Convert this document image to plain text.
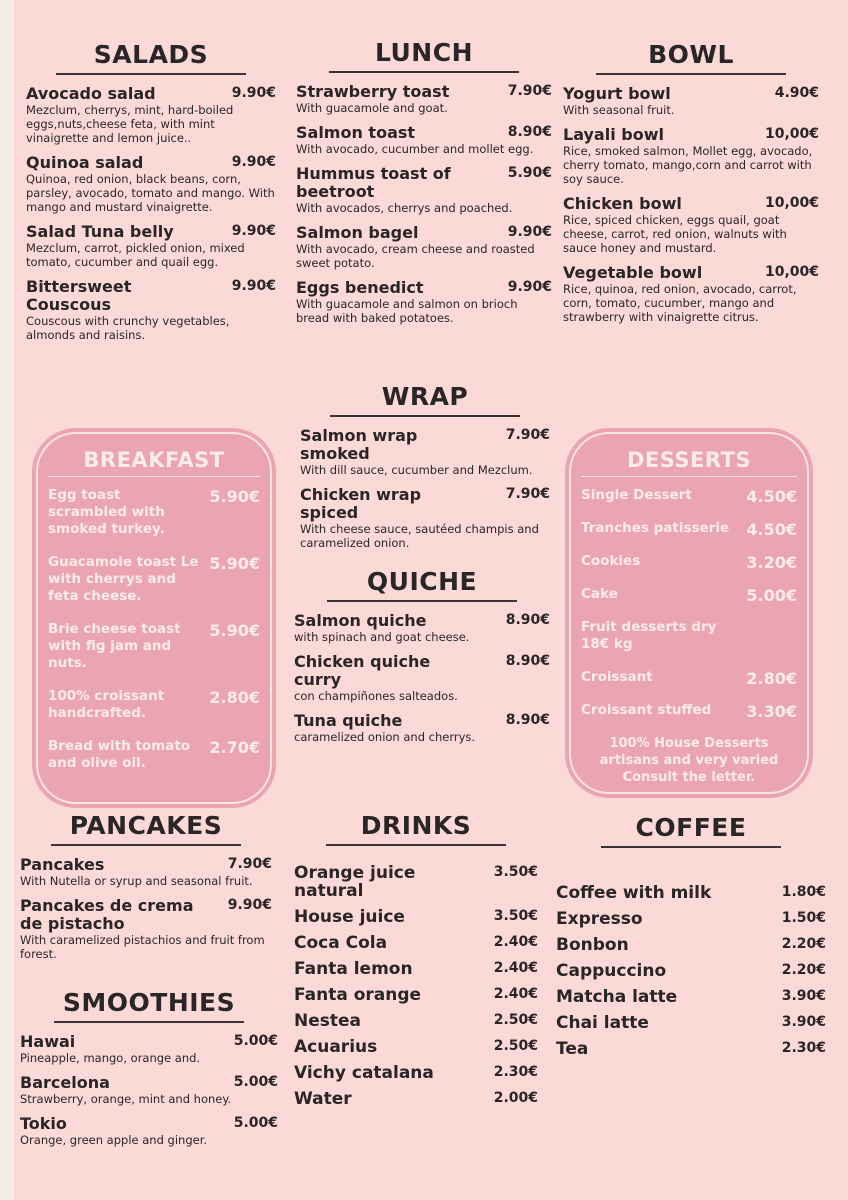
SALADS
Avocado salad	9.90€
Mezclum, cherrys, mint, hard-boiled eggs,nuts,cheese feta, with mint vinaigrette and lemon juice..
Quinoa salad	9.90€
Quinoa, red onion, black beans, corn, parsley, avocado, tomato and mango. With mango and mustard vinaigrette.
Salad Tuna belly	9.90€
Mezclum, carrot, pickled onion, mixed tomato, cucumber and quail egg.
Bittersweet Couscous
9.90€
Couscous with crunchy vegetables, almonds and raisins.
LUNCH
Strawberry toast	7.90€
With guacamole and goat.
Salmon toast	8.90€
With avocado, cucumber and mollet egg.
Hummus toast of beetroot
5.90€
With avocados, cherrys and poached.
Salmon bagel	9.90€
With avocado, cream cheese and roasted sweet potato.
Eggs benedict	9.90€
With guacamole and salmon on brioch bread with baked potatoes.
BOWL
Yogurt bowl	4.90€
With seasonal fruit.
Layali bowl	10,00€
Rice, smoked salmon, Mollet egg, avocado, cherry tomato, mango,corn and carrot with soy sauce.
Chicken bowl	10,00€
Rice, spiced chicken, eggs quail, goat cheese, carrot, red onion, walnuts with sauce honey and mustard.
Vegetable bowl	10,00€
Rice, quinoa, red onion, avocado, carrot, corn, tomato, cucumber, mango and strawberry with vinaigrette citrus.
BREAKFAST
Egg toast scrambled with smoked turkey.
5.90€
Guacamole toast Le with cherrys and feta cheese.
5.90€
Brie cheese toast with fig jam and nuts.
5.90€
100% croissant handcrafted.
2.80€
Bread with tomato and olive oil.
2.70€
WRAP
Salmon wrap smoked
7.90€
With dill sauce, cucumber and Mezclum.
Chicken wrap spiced
7.90€
With cheese sauce, sautéed champis and caramelized onion.
DESSERTS
Single Dessert	4.50€
Tranches patisserie	4.50€
Cookies	3.20€
Cake	5.00€
Fruit desserts dry 18€ kg
Croissant	2.80€
Croissant stuffed	3.30€
100% House Desserts artisans and very varied Consult the letter.
QUICHE
Salmon quiche	8.90€
with spinach and goat cheese.
Chicken quiche curry
8.90€
con champiñones salteados.
Tuna quiche	8.90€
caramelized onion and cherrys.
PANCAKES
Pancakes	7.90€
With Nutella or syrup and seasonal fruit.
Pancakes de crema de pistacho
9.90€
With caramelized pistachios and fruit from forest.
SMOOTHIES
Hawai	5.00€
Pineapple, mango, orange and.
Barcelona	5.00€
Strawberry, orange, mint and honey.
Tokio	5.00€
Orange, green apple and ginger.
DRINKS
Orange juice natural
3.50€
House juice	3.50€
Coca Cola	2.40€
Fanta lemon	2.40€
Fanta orange	2.40€
Nestea	2.50€
Acuarius	2.50€
Vichy catalana	2.30€
Water	2.00€
COFFEE
Coffee with milk	1.80€
Expresso	1.50€
Bonbon	2.20€
Cappuccino	2.20€
Matcha latte	3.90€
Chai latte	3.90€
Tea	2.30€
